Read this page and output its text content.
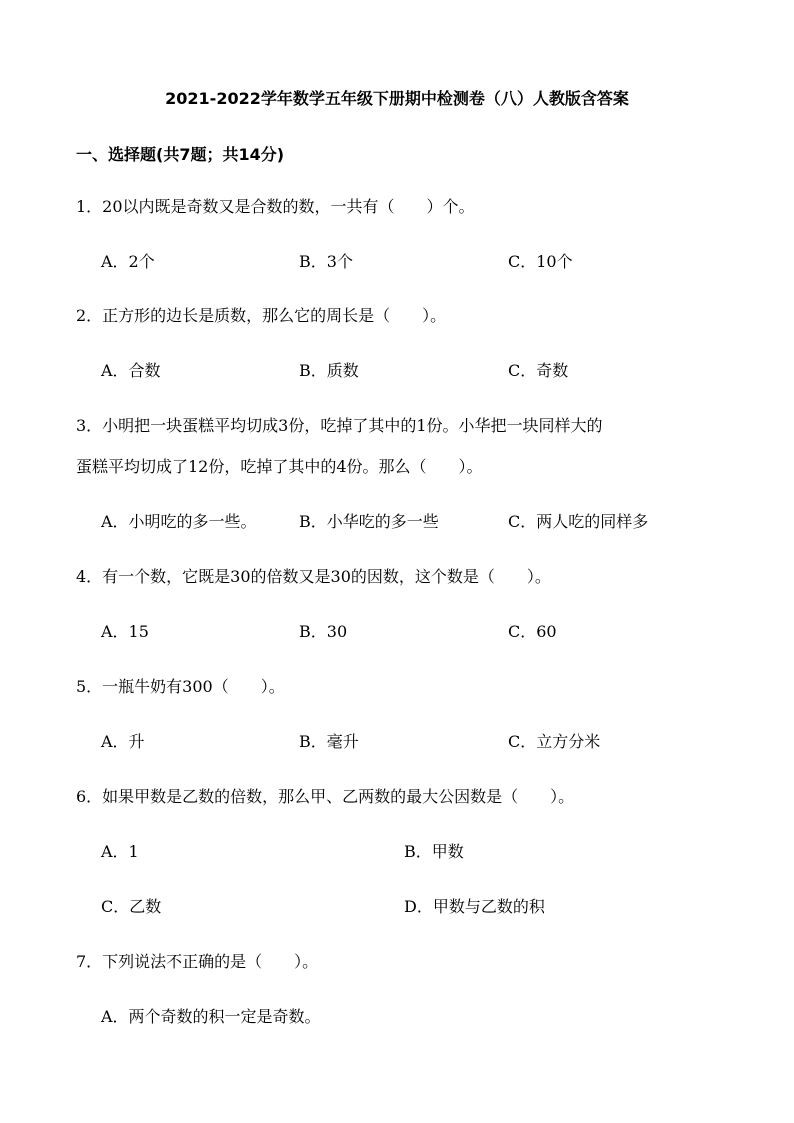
2021-2022学年数学五年级下册期中检测卷（八）人教版含答案
一、选择题(共7题；共14分)
1．20以内既是奇数又是合数的数，一共有（　　）个。
A．2个	B．3个	C．10个
2．正方形的边长是质数，那么它的周长是（　　）。
A．合数	B．质数	C．奇数
3．小明把一块蛋糕平均切成3份，吃掉了其中的1份。小华把一块同样大的
蛋糕平均切成了12份，吃掉了其中的4份。那么（　　）。
A．小明吃的多一些。	B．小华吃的多一些	C．两人吃的同样多
4．有一个数，它既是30的倍数又是30的因数，这个数是（　　）。
A．15	B．30	C．60
5．一瓶牛奶有300（　　）。
A．升	B．毫升	C．立方分米
6．如果甲数是乙数的倍数，那么甲、乙两数的最大公因数是（　　）。
A．1	B．甲数
C．乙数	D．甲数与乙数的积
7．下列说法不正确的是（　　）。
A．两个奇数的积一定是奇数。
